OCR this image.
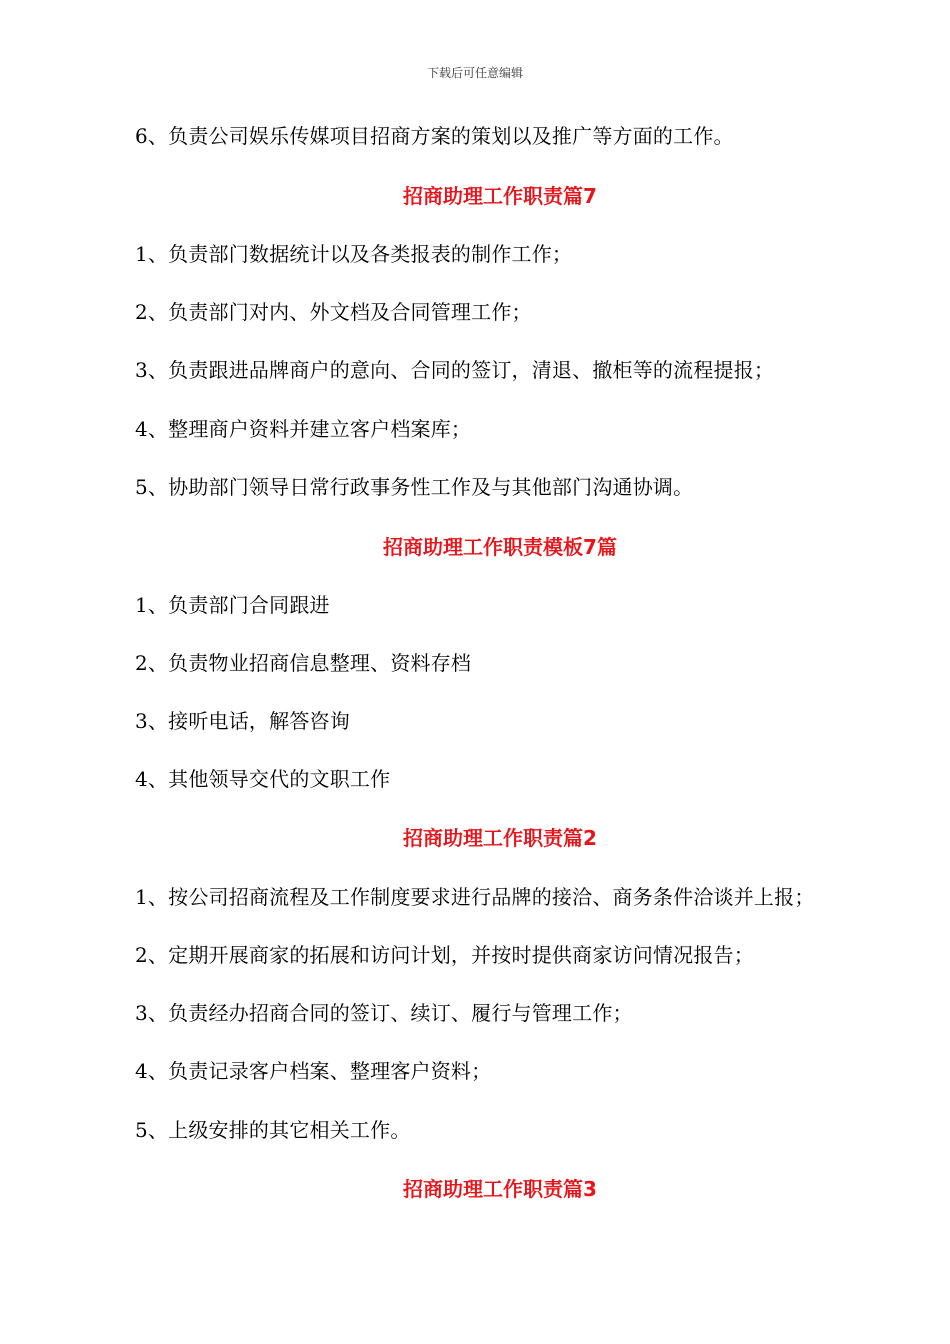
下载后可任意编辑
6、负责公司娱乐传媒项目招商方案的策划以及推广等方面的工作。
招商助理工作职责篇7
1、负责部门数据统计以及各类报表的制作工作；
2、负责部门对内、外文档及合同管理工作；
3、负责跟进品牌商户的意向、合同的签订，清退、撤柜等的流程提报；
4、整理商户资料并建立客户档案库；
5、协助部门领导日常行政事务性工作及与其他部门沟通协调。
招商助理工作职责模板7篇
1、负责部门合同跟进
2、负责物业招商信息整理、资料存档
3、接听电话，解答咨询
4、其他领导交代的文职工作
招商助理工作职责篇2
1、按公司招商流程及工作制度要求进行品牌的接洽、商务条件洽谈并上报；
2、定期开展商家的拓展和访问计划，并按时提供商家访问情况报告；
3、负责经办招商合同的签订、续订、履行与管理工作；
4、负责记录客户档案、整理客户资料；
5、上级安排的其它相关工作。
招商助理工作职责篇3
